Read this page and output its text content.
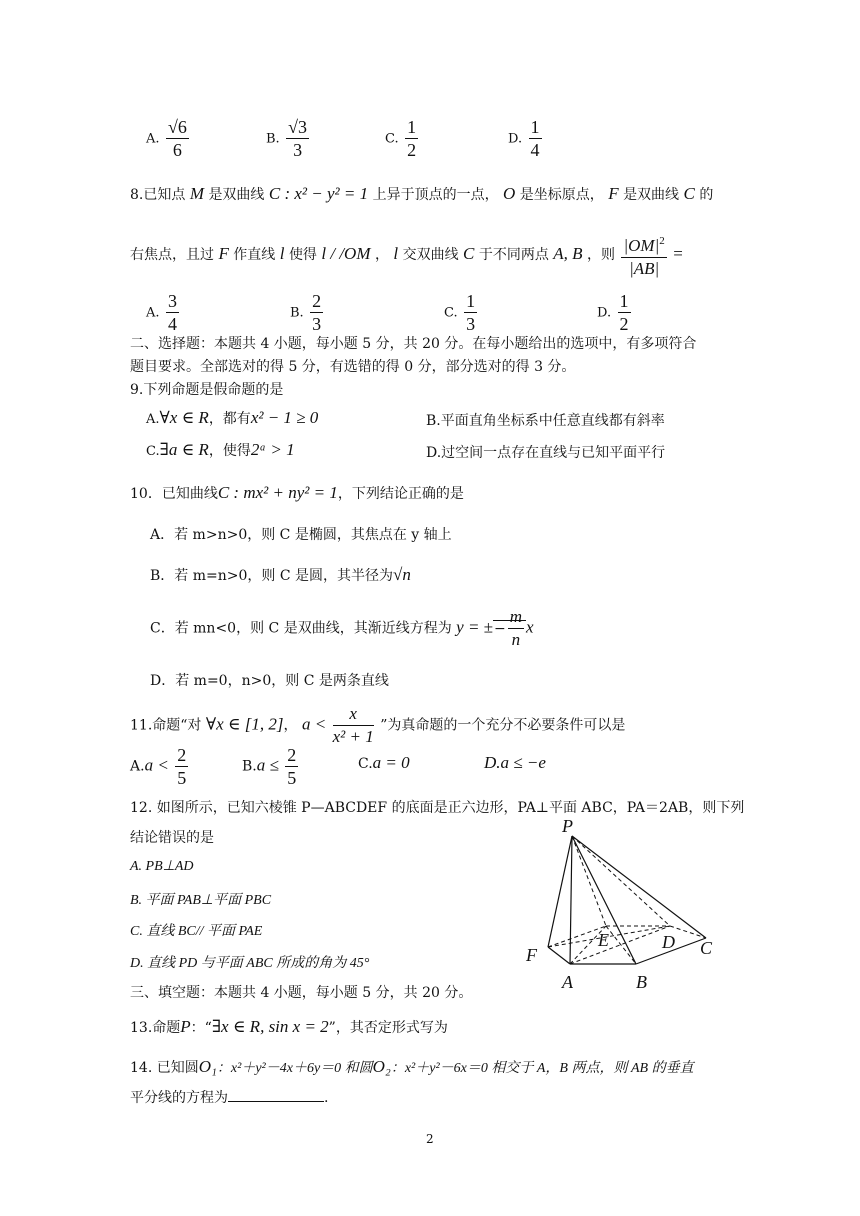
A. $\frac{√6}{6}$	B. $\frac{√3}{3}$	C. $\frac{1}{2}$	D. $\frac{1}{4}$
8.已知点 M 是双曲线 C : x² − y² = 1 上异于顶点的一点， O 是坐标原点， F 是双曲线 C 的
右焦点，且过 F 作直线 l 使得 l / /OM ， l 交双曲线 C 于不同两点 A, B ，则 $\frac{|OM|^2}{|AB|}$ =
A. $\frac{3}{4}$	B. $\frac{2}{3}$	C. $\frac{1}{3}$	D. $\frac{1}{2}$
二、选择题：本题共 4 小题，每小题 5 分，共 20 分。在每小题给出的选项中，有多项符合
题目要求。全部选对的得 5 分，有选错的得 0 分，部分选对的得 3 分。
9.下列命题是假命题的是
A.∀x ∈ R，都有x² − 1 ≥ 0	B.平面直角坐标系中任意直线都有斜率
C.∃a ∈ R，使得2ᵃ > 1	D.过空间一点存在直线与已知平面平行
10．已知曲线C : mx² + ny² = 1，下列结论正确的是
A．若 m>n>0，则 C 是椭圆，其焦点在 y 轴上
B．若 m=n>0，则 C 是圆，其半径为√n
C．若 mn<0，则 C 是双曲线，其渐近线方程为 y = ±− $\frac{m}{n}$ x
D．若 m=0，n>0，则 C 是两条直线
11.命题“对 ∀x ∈ [1, 2]， $a < \frac{x}{\text{x² + 1}}$ ”为真命题的一个充分不必要条件可以是
$A.a < \frac{2}{5}$	$B.a \le \frac{2}{5}$	C.a = 0	D.a ≤ −e
12. 如图所示，已知六棱锥 P—ABCDEF 的底面是正六边形，PA⊥平面 ABC，PA＝2AB，则下列
结论错误的是
A. PB⊥AD
B. 平面 PAB⊥平面 PBC
C. 直线 BC// 平面 PAE
D. 直线 PD 与平面 ABC 所成的角为 45°
P
F
E	D C
A	B
三、填空题：本题共 4 小题，每小题 5 分，共 20 分。
13.命题P：“∃x ∈ R, sin x = 2”，其否定形式写为
14. 已知圆O₁：x²＋y²－4x＋6y＝0 和圆O₂：x²＋y²－6x＝0 相交于 A，B 两点，则 AB 的垂直
平分线的方程为	.
2
